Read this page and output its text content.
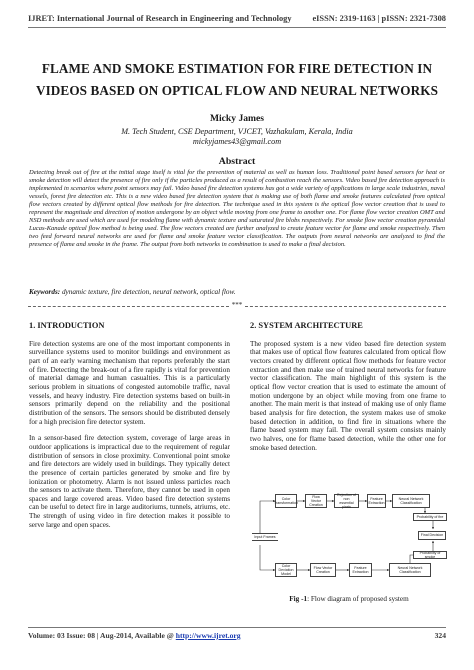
IJRET: International Journal of Research in Engineering and Technology eISSN: 2319-1163 | pISSN: 2321-7308
FLAME AND SMOKE ESTIMATION FOR FIRE DETECTION IN
VIDEOS BASED ON OPTICAL FLOW AND NEURAL NETWORKS
Micky James
M. Tech Student, CSE Department, VJCET, Vazhakulam, Kerala, India
mickyjames43@gmail.com
Abstract
Detecting break out of fire at the initial stage itself is vital for the prevention of material as well as human loss. Traditional point based sensors for heat or smoke detection will detect the presence of fire only if the particles produced as a result of combustion reach the sensors. Video based fire detection approach is implemented in scenarios where point sensors may fail. Video based fire detection systems has got a wide variety of applications in large scale industries, naval vessels, forest fire detection etc. This is a new video based fire detection system that is making use of both flame and smoke features calculated from optical flow vectors created by different optical flow methods for fire detection. The technique used in this system is the optical flow vector creation that is used to represent the magnitude and direction of motion undergone by an object while moving from one frame to another one. For flame flow vector creation OMT and NSD methods are used which are used for modeling flame with dynamic texture and saturated fire blobs respectively. For smoke flow vector creation pyramidal Lucas-Kanade optical flow method is being used. The flow vectors created are further analyzed to create feature vector for flame and smoke respectively. Then two feed forward neural networks are used for flame and smoke feature vector classification. The outputs from neural networks are analyzed to find the presence of flame and smoke in the frame. The output from both networks in combination is used to make a final decision.
Keywords: dynamic texture, fire detection, neural network, optical flow.
***
1. INTRODUCTION

Fire detection systems are one of the most important components in surveillance systems used to monitor buildings and environment as part of an early warning mechanism that reports preferably the start of fire. Detecting the break-out of a fire rapidly is vital for prevention of material damage and human casualties. This is a particularly serious problem in situations of congested automobile traffic, naval vessels, and heavy industry. Fire detection systems based on built-in sensors primarily depend on the reliability and the positional distribution of the sensors. The sensors should be distributed densely for a high precision fire detector system.

In a sensor-based fire detection system, coverage of large areas in outdoor applications is impractical due to the requirement of regular distribution of sensors in close proximity. Conventional point smoke and fire detectors are widely used in buildings. They typically detect the presence of certain particles generated by smoke and fire by ionization or photometry. Alarm is not issued unless particles reach the sensors to activate them. Therefore, they cannot be used in open spaces and large covered areas. Video based fire detection systems can be useful to detect fire in large auditoriums, tunnels, atriums, etc. The strength of using video in fire detection makes it possible to serve large and open spaces.

2. SYSTEM ARCHITECTURE

The proposed system is a new video based fire detection system that makes use of optical flow features calculated from optical flow vectors created by different optical flow methods for feature vector extraction and then make use of trained neural networks for feature vector classification. The main highlight of this system is the optical flow vector creation that is used to estimate the amount of motion undergone by an object while moving from one frame to another. The main merit is that instead of making use of only flame based analysis for fire detection, the system makes use of smoke based detection in addition, to find fire in situations where the flame based system may fail. The overall system consists mainly two halves, one for flame based detection, while the other one for smoke based detection.

Color Transformation
Flow Vector Creation
Rejection of non essential pixels
Feature Extraction
Neural Network Classification
Probability of fire
Input Frames	Final Decision
Probability of smoke
Color Deviation Model
Flow Vector Creation
Feature Extraction
Neural Network Classification
Fig -1: Flow diagram of proposed system
Volume: 03 Issue: 08 | Aug-2014, Available @ http://www.ijret.org	324
